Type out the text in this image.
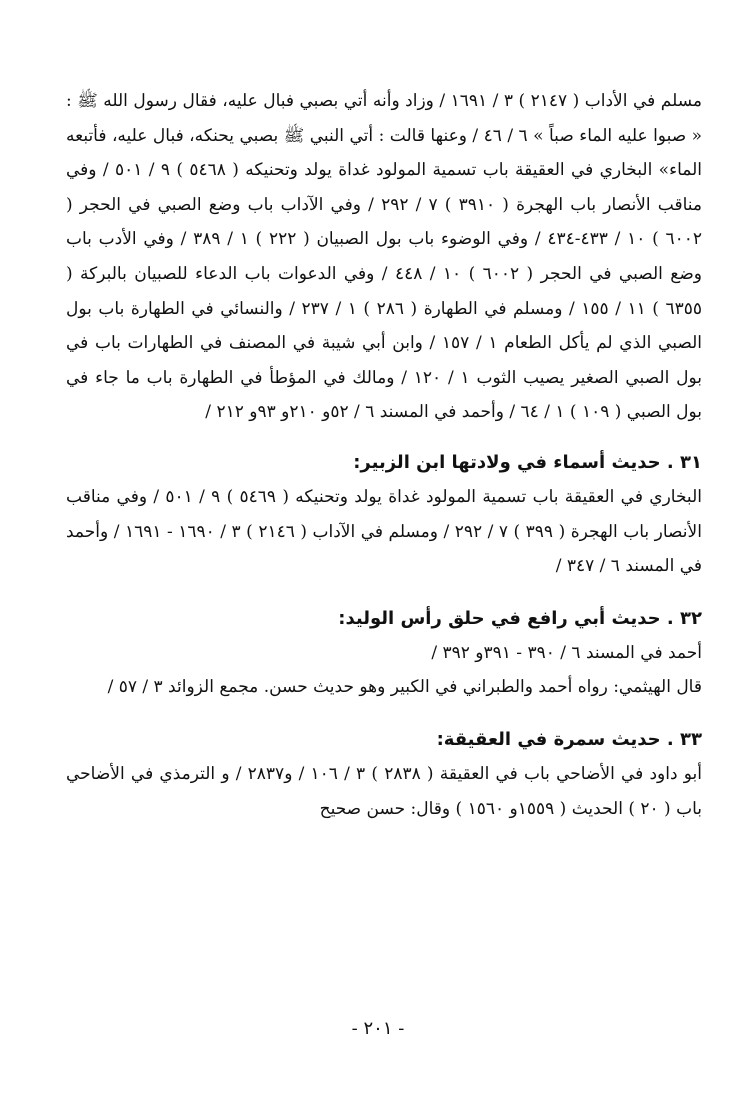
مسلم في الأداب ( ٢١٤٧ ) ٣ / ١٦٩١ / وزاد وأنه أتي بصبي فبال عليه، فقال رسول الله ﷺ : « صبوا عليه الماء صباً » ٦ / ٤٦ / وعنها قالت : أتي النبي ﷺ بصبي يحنكه، فبال عليه، فأتبعه الماء» البخاري في العقيقة باب تسمية المولود غداة يولد وتحنيكه ( ٥٤٦٨ ) ٩ / ٥٠١ / وفي مناقب الأنصار باب الهجرة ( ٣٩١٠ ) ٧ / ٢٩٢ / وفي الآداب باب وضع الصبي في الحجر ( ٦٠٠٢ ) ١٠ / ٤٣٣-٤٣٤ / وفي الوضوء باب بول الصبيان ( ٢٢٢ ) ١ / ٣٨٩ / وفي الأدب باب وضع الصبي في الحجر ( ٦٠٠٢ ) ١٠ / ٤٤٨ / وفي الدعوات باب الدعاء للصبيان بالبركة ( ٦٣٥٥ ) ١١ / ١٥٥ / ومسلم في الطهارة ( ٢٨٦ ) ١ / ٢٣٧ / والنسائي في الطهارة باب بول الصبي الذي لم يأكل الطعام ١ / ١٥٧ / وابن أبي شيبة في المصنف في الطهارات باب في بول الصبي الصغير يصيب الثوب ١ / ١٢٠ / ومالك في المؤطأ في الطهارة باب ما جاء في بول الصبي ( ١٠٩ ) ١ / ٦٤ / وأحمد في المسند ٦ / ٥٢و ٢١٠و ٩٣و ٢١٢ /

٣١ . حديث أسماء في ولادتها ابن الزبير:

البخاري في العقيقة باب تسمية المولود غداة يولد وتحنيكه ( ٥٤٦٩ ) ٩ / ٥٠١ / وفي مناقب الأنصار باب الهجرة ( ٣٩٩ ) ٧ / ٢٩٢ / ومسلم في الآداب ( ٢١٤٦ ) ٣ / ١٦٩٠ - ١٦٩١ / وأحمد في المسند ٦ / ٣٤٧ /

٣٢ . حديث أبي رافع في حلق رأس الوليد:

أحمد في المسند ٦ / ٣٩٠ - ٣٩١و ٣٩٢ /

قال الهيثمي: رواه أحمد والطبراني في الكبير وهو حديث حسن. مجمع الزوائد ٣ / ٥٧ /

٣٣ . حديث سمرة في العقيقة:

أبو داود في الأضاحي باب في العقيقة ( ٢٨٣٨ ) ٣ / ١٠٦ / و٢٨٣٧ / و الترمذي في الأضاحي باب ( ٢٠ ) الحديث ( ١٥٥٩و ١٥٦٠ ) وقال: حسن صحيح

- ٢٠١ -
